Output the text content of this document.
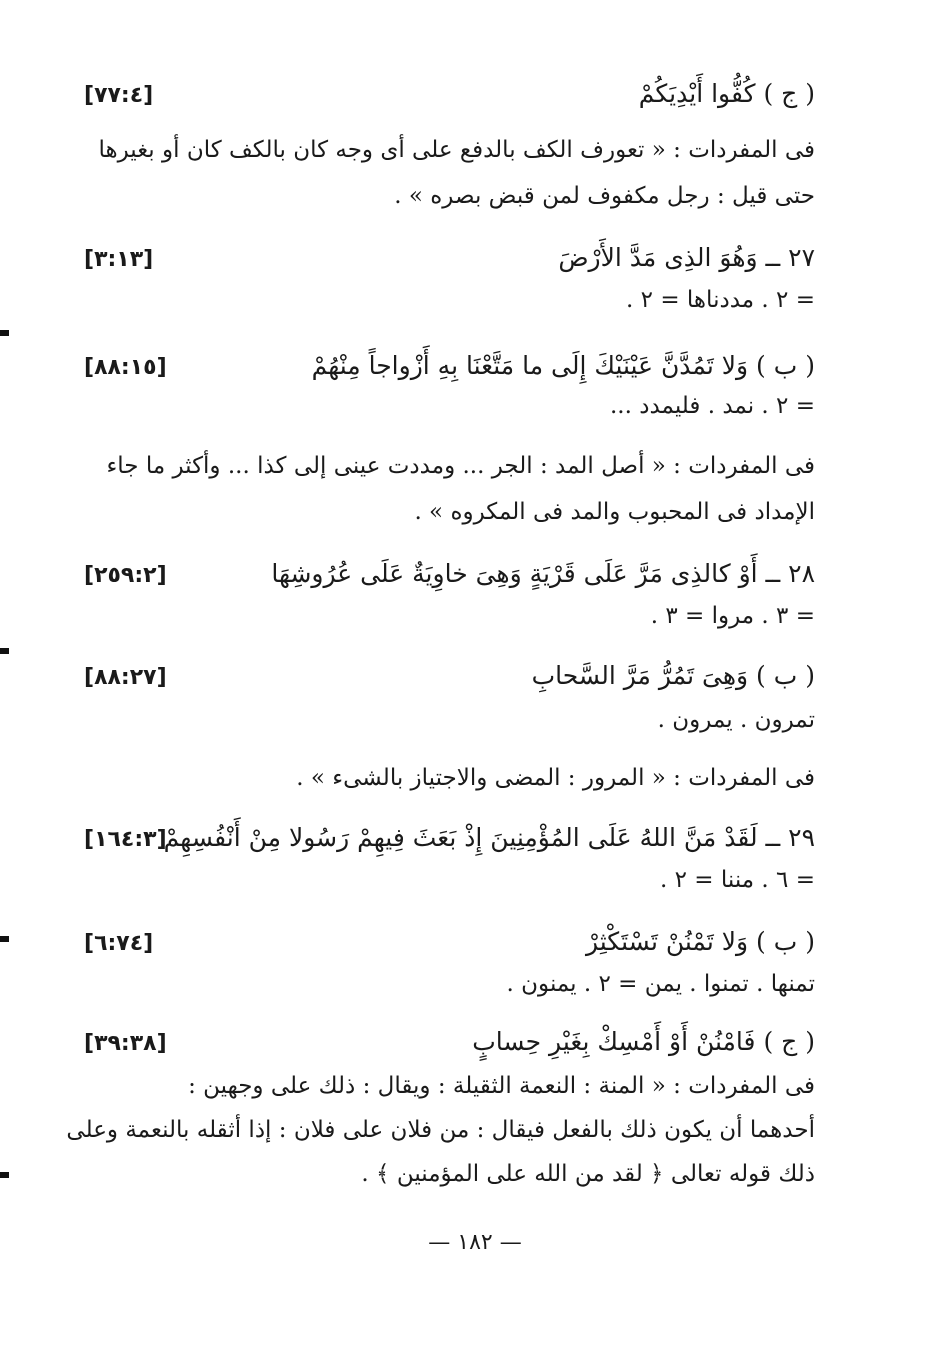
( ج ) كُفُّوا أَيْدِيَكُمْ
[٧٧:٤]
فى المفردات : « تعورف الكف بالدفع على أى وجه كان بالكف كان أو بغيرها
حتى قيل : رجل مكفوف لمن قبض بصره » .
٢٧ ــ وَهُوَ الذِى مَدَّ الأَرْضَ
[٣:١٣]
= ٢ . مددناها = ٢ .
( ب ) وَلا تَمُدَّنَّ عَيْنَيْكَ إِلَى ما مَتَّعْنَا بِهِ أَزْواجاً مِنْهُمْ
[٨٨:١٥]
= ٢ . نمد . فليمدد ...
فى المفردات : « أصل المد : الجر ... ومددت عينى إلى كذا ... وأكثر ما جاء
الإمداد فى المحبوب والمد فى المكروه » .
٢٨ ــ أَوْ كالذِى مَرَّ عَلَى قَرْيَةٍ وَهِىَ خاوِيَةٌ عَلَى عُرُوشِهَا
[٢٥٩:٢]
= ٣ . مروا = ٣ .
( ب ) وَهِىَ تَمُرُّ مَرَّ السَّحابِ
[٨٨:٢٧]
تمرون . يمرون .
فى المفردات : « المرور : المضى والاجتياز بالشىء » .
٢٩ ــ لَقَدْ مَنَّ اللهُ عَلَى المُؤْمِنِينَ إِذْ بَعَثَ فِيهِمْ رَسُولا مِنْ أَنْفُسِهِمْ
[١٦٤:٣]
= ٦ . مننا = ٢ .
( ب ) وَلا تَمْنُنْ تَسْتَكْثِرْ
[٦:٧٤]
تمنها . تمنوا . يمن = ٢ . يمنون .
( ج ) فَامْنُنْ أَوْ أَمْسِكْ بِغَيْرِ حِسابٍ
[٣٩:٣٨]
فى المفردات : « المنة : النعمة الثقيلة : ويقال : ذلك على وجهين :
أحدهما أن يكون ذلك بالفعل فيقال : من فلان على فلان : إذا أثقله بالنعمة وعلى
ذلك قوله تعالى ﴿ لقد من الله على المؤمنين ﴾ .
— ١٨٢ —
